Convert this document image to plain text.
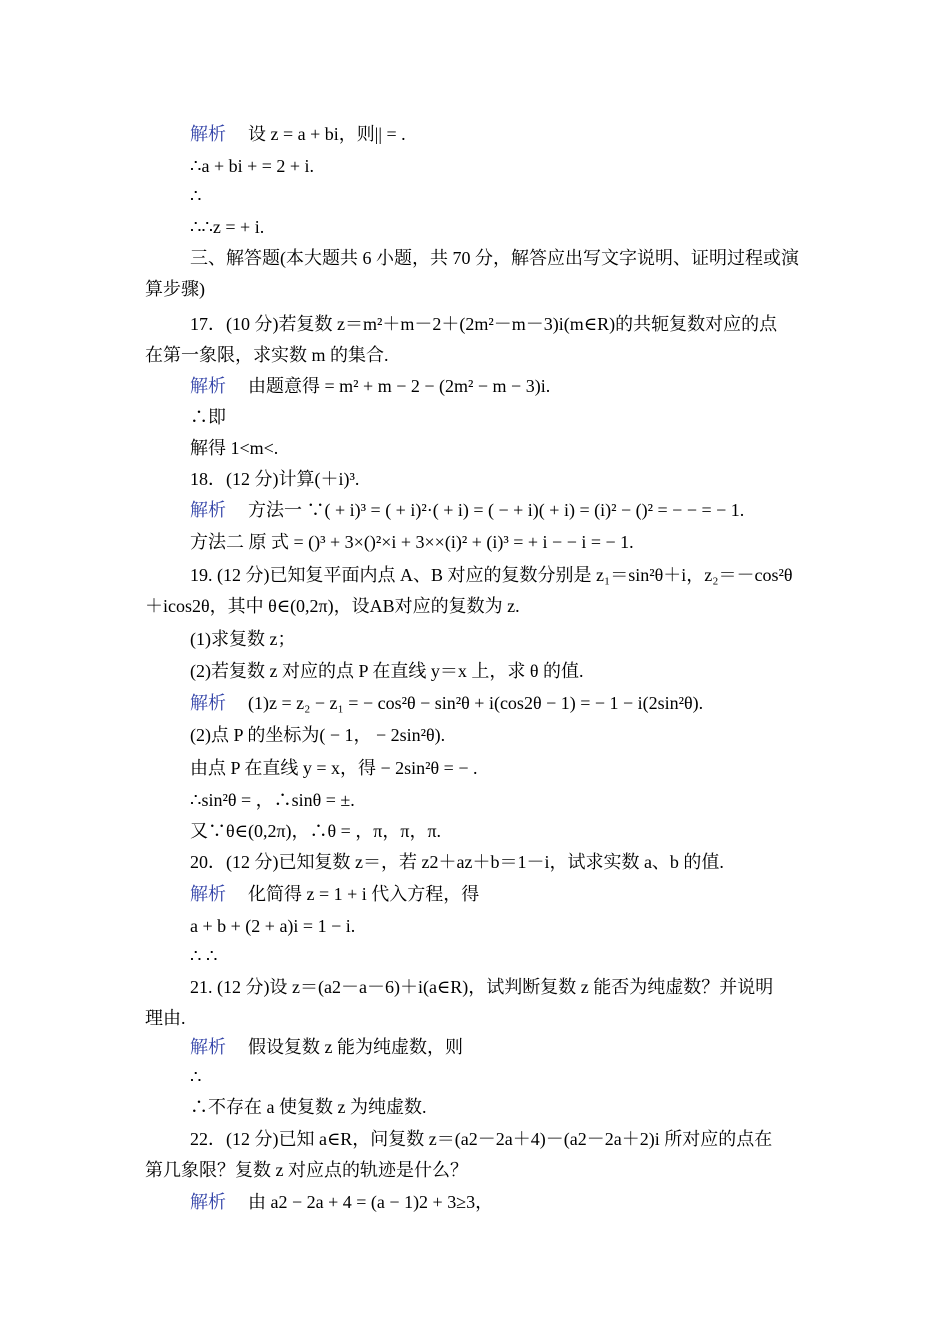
解析 设 z = a + bi，则|| = .
∴a + bi + = 2 + i.
∴
∴∴z = + i.
三、解答题(本大题共 6 小题，共 70 分，解答应出写文字说明、证明过程或演
算步骤)
17．(10 分)若复数 z＝m²＋m－2＋(2m²－m－3)i(m∈R)的共轭复数对应的点
在第一象限，求实数 m 的集合.
解析 由题意得 = m² + m − 2 − (2m² − m − 3)i.
∴即
解得 1<m<.
18．(12 分)计算(＋i)³.
解析 方法一 ∵( + i)³ = ( + i)²·( + i) = ( − + i)( + i) = (i)² − ()² = − − = − 1.
方法二 原 式 = ()³ + 3×()²×i + 3××(i)² + (i)³ = + i − − i = − 1.
19. (12 分)已知复平面内点 A、B 对应的复数分别是 z₁＝sin²θ＋i，z₂＝－cos²θ
＋icos2θ，其中 θ∈(0,2π)，设AB对应的复数为 z.
(1)求复数 z；
(2)若复数 z 对应的点 P 在直线 y＝x 上，求 θ 的值.
解析 (1)z = z₂ − z₁ = − cos²θ − sin²θ + i(cos2θ − 1) = − 1 − i(2sin²θ).
(2)点 P 的坐标为( − 1， − 2sin²θ).
由点 P 在直线 y = x，得 − 2sin²θ = − .
∴sin²θ = ，∴sinθ = ±.
又∵θ∈(0,2π)，∴θ = ，π，π，π.
20．(12 分)已知复数 z＝，若 z2＋az＋b＝1－i，试求实数 a、b 的值.
解析 化简得 z = 1 + i 代入方程，得
a + b + (2 + a)i = 1 − i.
∴ ∴
21. (12 分)设 z＝(a2－a－6)＋i(a∈R)，试判断复数 z 能否为纯虚数？并说明
理由.
解析 假设复数 z 能为纯虚数，则
∴
∴不存在 a 使复数 z 为纯虚数.
22．(12 分)已知 a∈R，问复数 z＝(a2－2a＋4)－(a2－2a＋2)i 所对应的点在
第几象限？复数 z 对应点的轨迹是什么？
解析 由 a2 − 2a + 4 = (a − 1)2 + 3≥3，
